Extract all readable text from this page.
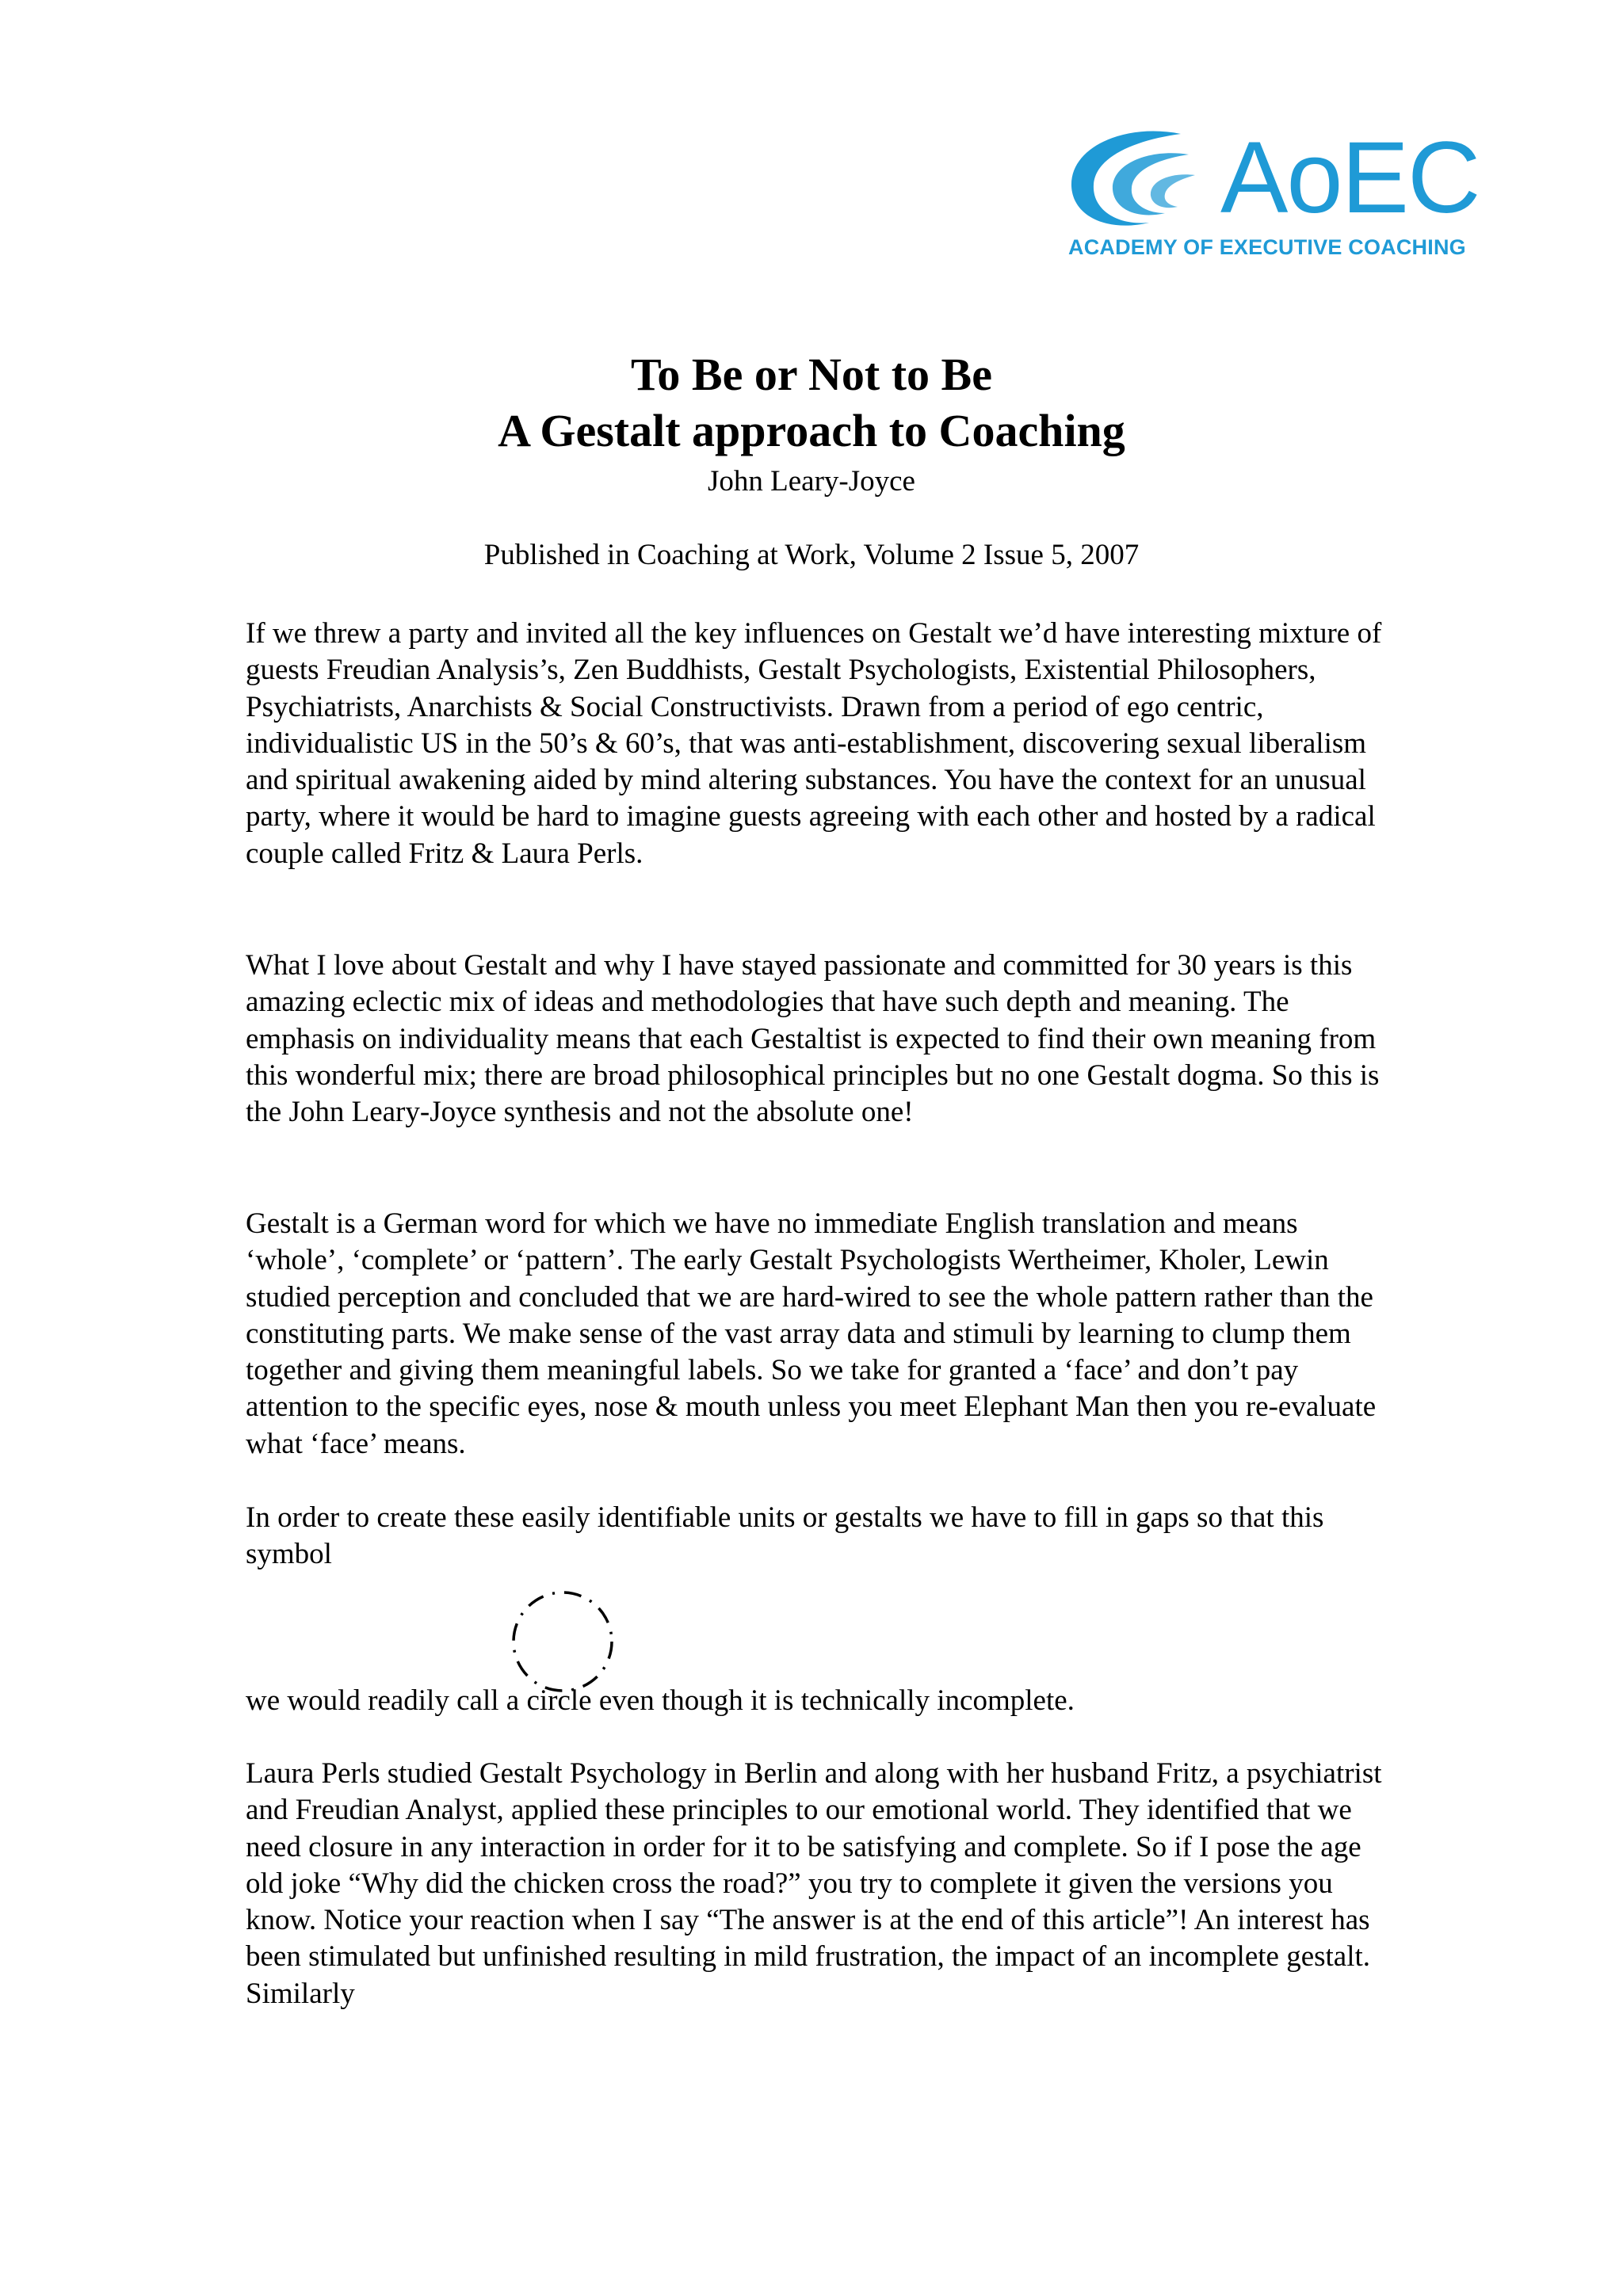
AoEC
ACADEMY OF EXECUTIVE COACHING
To Be or Not to Be
A Gestalt approach to Coaching
John Leary-Joyce
Published in Coaching at Work, Volume 2 Issue 5, 2007

If we threw a party and invited all the key influences on Gestalt we’d have interesting mixture of guests Freudian Analysis’s, Zen Buddhists, Gestalt Psychologists, Existential Philosophers, Psychiatrists, Anarchists & Social Constructivists. Drawn from a period of ego centric, individualistic US in the 50’s & 60’s, that was anti-establishment, discovering sexual liberalism and spiritual awakening aided by mind altering substances. You have the context for an unusual party, where it would be hard to imagine guests agreeing with each other and hosted by a radical couple called Fritz & Laura Perls.

What I love about Gestalt and why I have stayed passionate and committed for 30 years is this amazing eclectic mix of ideas and methodologies that have such depth and meaning. The emphasis on individuality means that each Gestaltist is expected to find their own meaning from this wonderful mix; there are broad philosophical principles but no one Gestalt dogma. So this is the John Leary-Joyce synthesis and not the absolute one!

Gestalt is a German word for which we have no immediate English translation and means ‘whole’, ‘complete’ or ‘pattern’. The early Gestalt Psychologists Wertheimer, Kholer, Lewin studied perception and concluded that we are hard-wired to see the whole pattern rather than the constituting parts. We make sense of the vast array data and stimuli by learning to clump them together and giving them meaningful labels. So we take for granted a ‘face’ and don’t pay attention to the specific eyes, nose & mouth unless you meet Elephant Man then you re-evaluate what ‘face’ means.

In order to create these easily identifiable units or gestalts we have to fill in gaps so that this symbol

we would readily call a circle even though it is technically incomplete.

Laura Perls studied Gestalt Psychology in Berlin and along with her husband Fritz, a psychiatrist and Freudian Analyst, applied these principles to our emotional world. They identified that we need closure in any interaction in order for it to be satisfying and complete. So if I pose the age old joke “Why did the chicken cross the road?” you try to complete it given the versions you know. Notice your reaction when I say “The answer is at the end of this article”! An interest has been stimulated but unfinished resulting in mild frustration, the impact of an incomplete gestalt. Similarly
